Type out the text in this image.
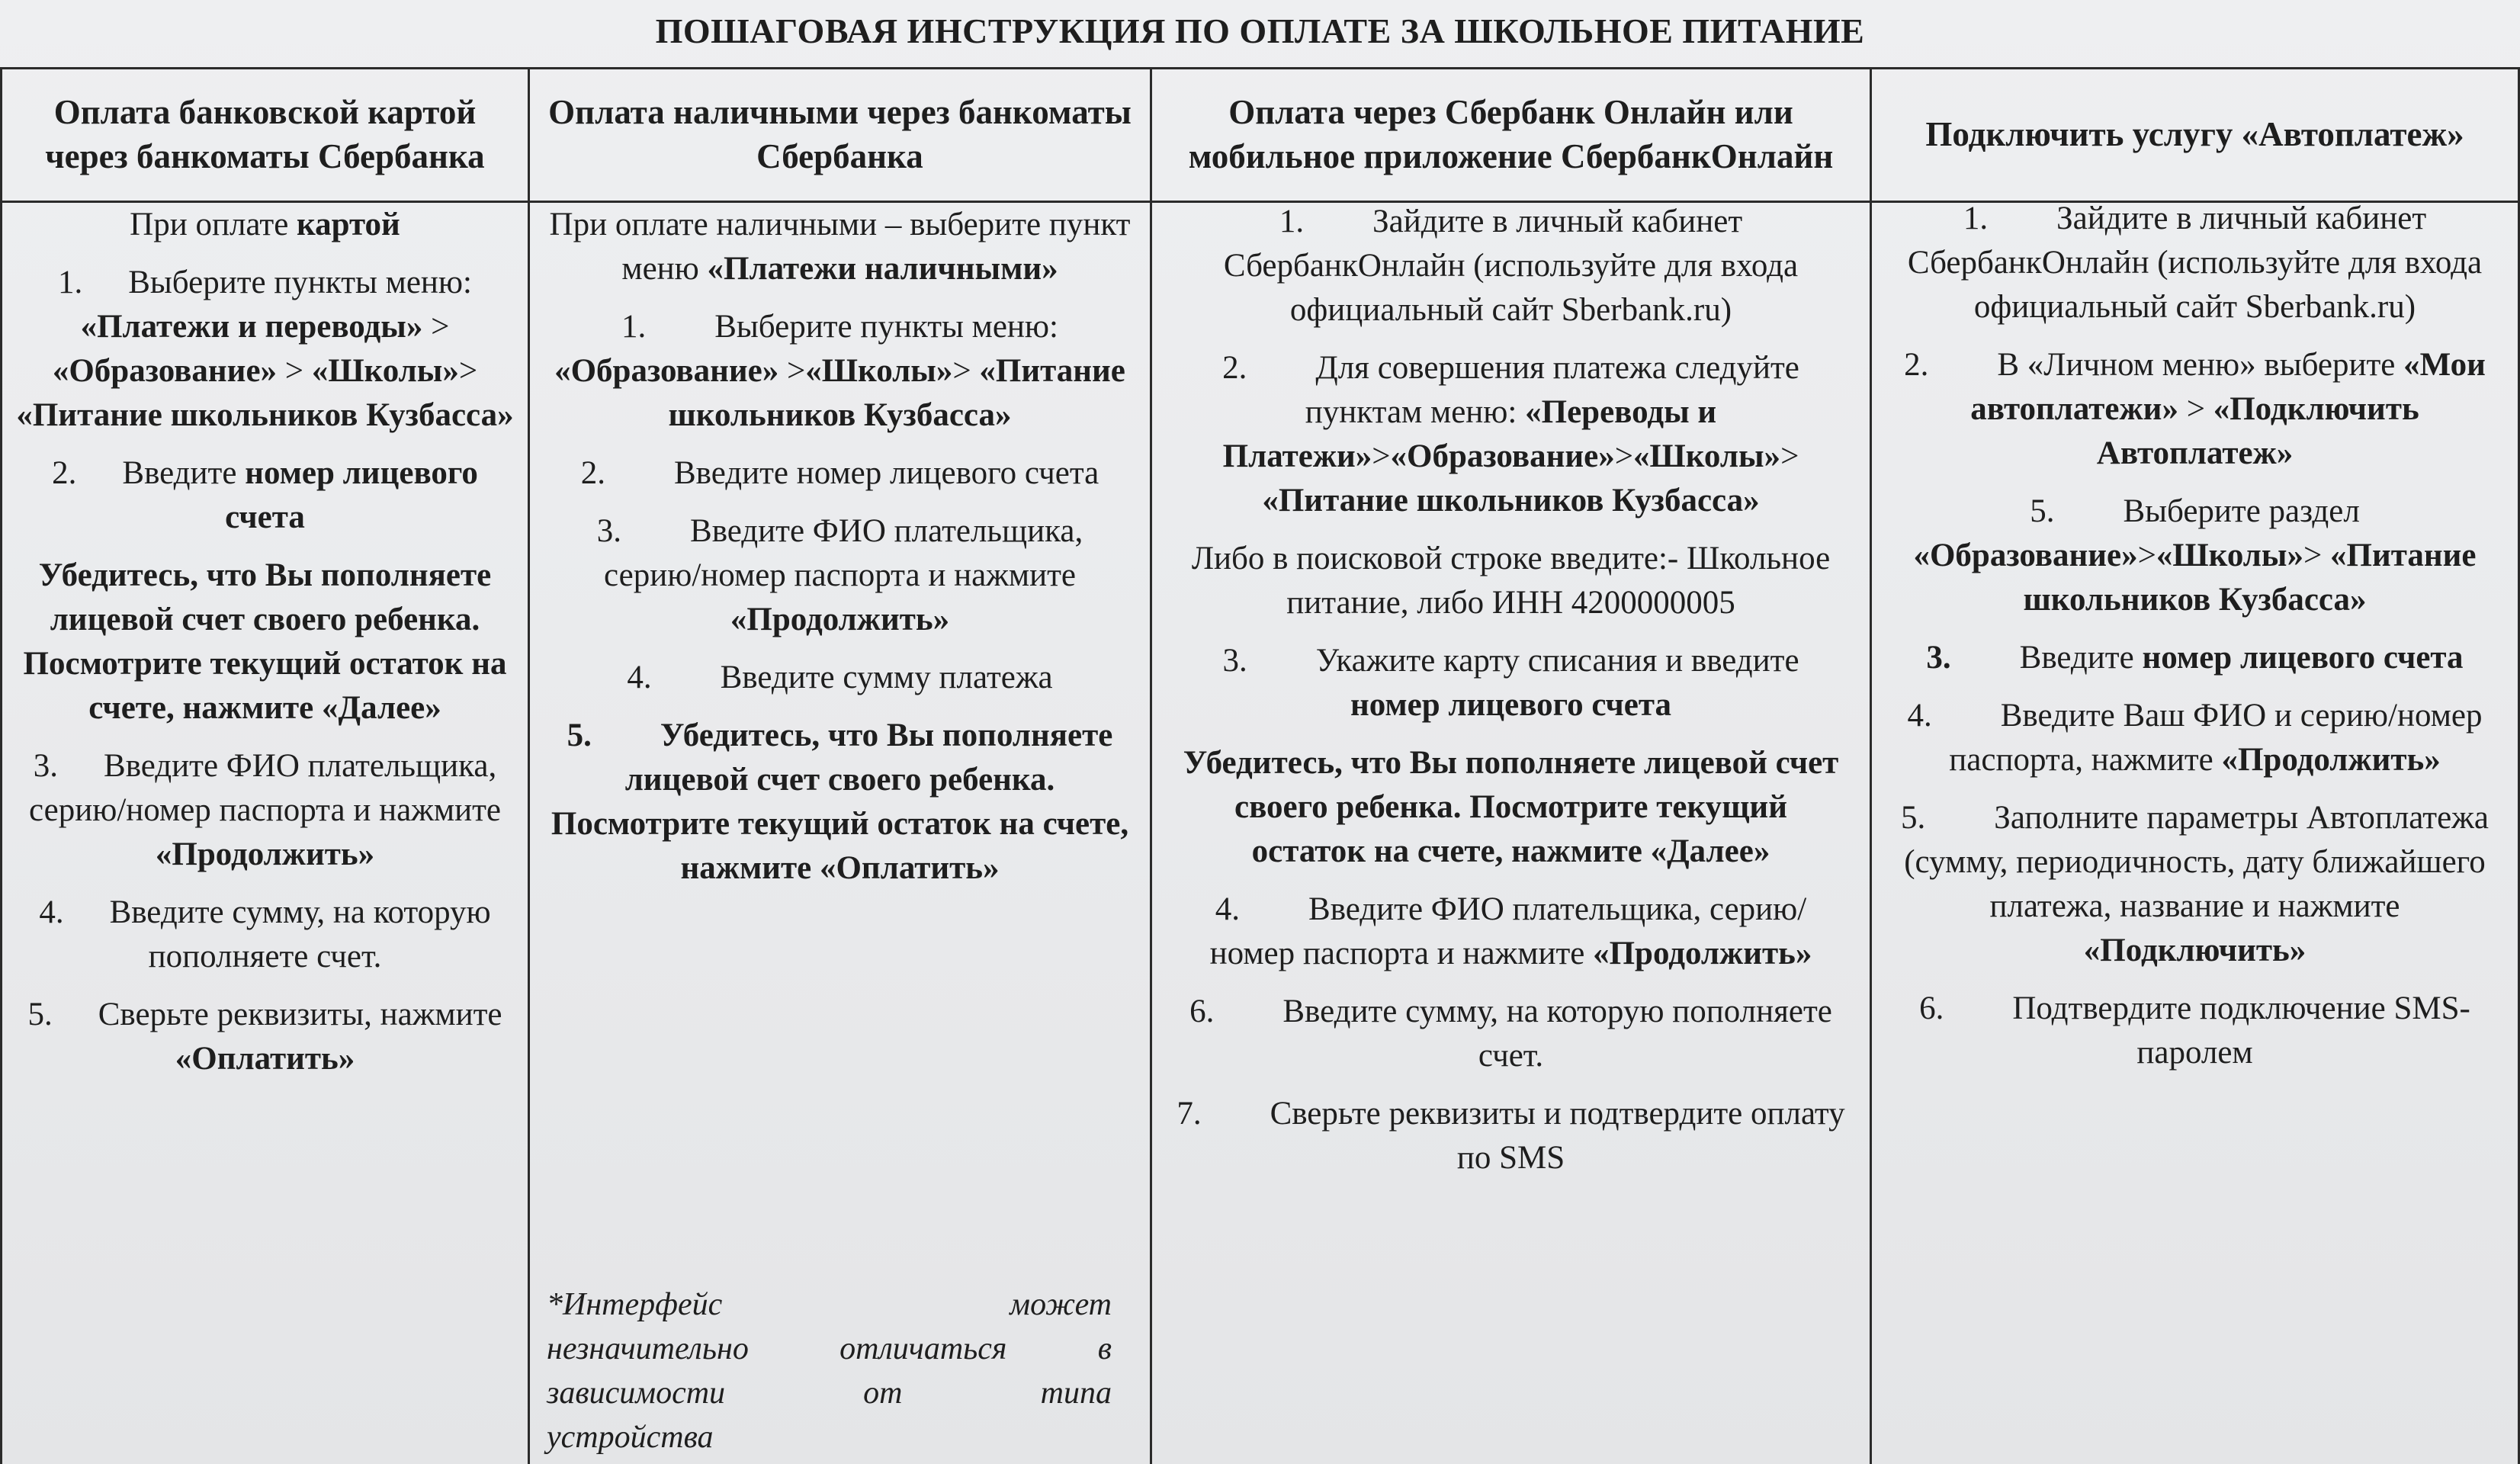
ПОШАГОВАЯ ИНСТРУКЦИЯ ПО ОПЛАТЕ ЗА ШКОЛЬНОЕ ПИТАНИЕ
Оплата банковской картой через банкоматы Сбербанка

При оплате картой

1. Выберите пункты меню: «Платежи и переводы» > «Образование» > «Школы»> «Питание школьников Кузбасса»

2. Введите номер лицевого счета

Убедитесь, что Вы пополняете лицевой счет своего ребенка. Посмотрите текущий остаток на счете, нажмите «Далее»

3. Введите ФИО плательщика, серию/номер паспорта и нажмите «Продолжить»

4. Введите сумму, на которую пополняете счет.

5. Сверьте реквизиты, нажмите «Оплатить»

Оплата наличными через банкоматы Сбербанка

При оплате наличными – выберите пункт меню «Платежи наличными»

1. Выберите пункты меню: «Образование» >«Школы»> «Питание школьников Кузбасса»

2. Введите номер лицевого счета

3. Введите ФИО плательщика, серию/номер паспорта и нажмите «Продолжить»

4. Введите сумму платежа

5. Убедитесь, что Вы пополняете лицевой счет своего ребенка. Посмотрите текущий остаток на счете, нажмите «Оплатить»

*Интерфейс может
незначительно отличаться в
зависимости от типа
устройства
Оплата через Сбербанк Онлайн или мобильное приложение СбербанкОнлайн

1. Зайдите в личный кабинет СбербанкОнлайн (используйте для входа официальный сайт Sberbank.ru)

2. Для совершения платежа следуйте пунктам меню: «Переводы и Платежи»>«Образование»>«Школы»> «Питание школьников Кузбасса»

Либо в поисковой строке введите:- Школьное питание, либо ИНН 4200000005

3. Укажите карту списания и введите номер лицевого счета

Убедитесь, что Вы пополняете лицевой счет своего ребенка. Посмотрите текущий остаток на счете, нажмите «Далее»

4. Введите ФИО плательщика, серию/номер паспорта и нажмите «Продолжить»

6. Введите сумму, на которую пополняете счет.

7. Сверьте реквизиты и подтвердите оплату по SMS

Подключить услугу «Автоплатеж»

1. Зайдите в личный кабинет СбербанкОнлайн (используйте для входа официальный сайт Sberbank.ru)

2. В «Личном меню» выберите «Мои автоплатежи» > «Подключить Автоплатеж»

5. Выберите раздел «Образование»>«Школы»> «Питание школьников Кузбасса»

3. Введите номер лицевого счета

4. Введите Ваш ФИО и серию/номер паспорта, нажмите «Продолжить»

5. Заполните параметры Автоплатежа (сумму, периодичность, дату ближайшего платежа, название и нажмите «Подключить»

6. Подтвердите подключение SMS-паролем
